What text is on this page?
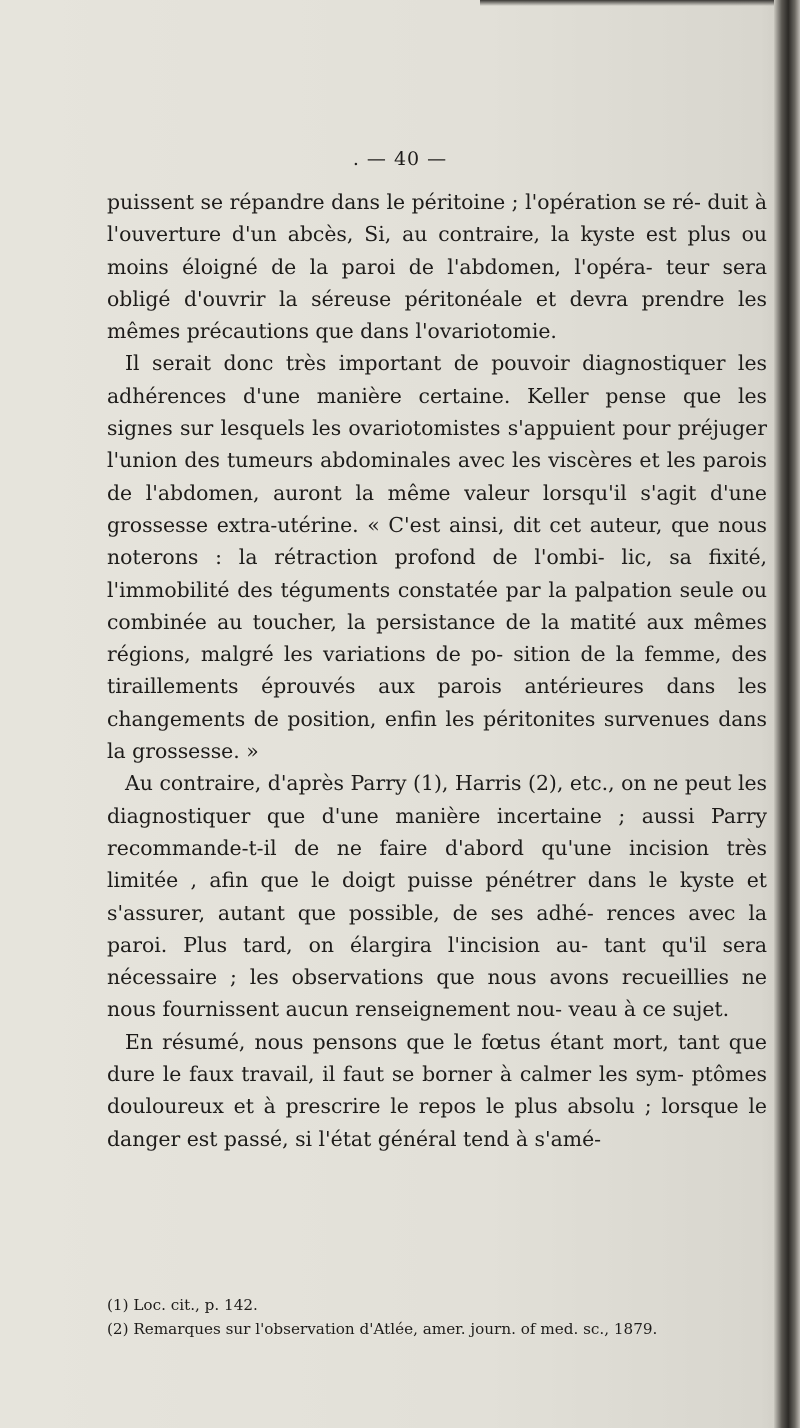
. — 40 —

puissent se répandre dans le péritoine ; l'opération se ré- duit à l'ouverture d'un abcès, Si, au contraire, la kyste est plus ou moins éloigné de la paroi de l'abdomen, l'opéra- teur sera obligé d'ouvrir la séreuse péritonéale et devra prendre les mêmes précautions que dans l'ovariotomie.

Il serait donc très important de pouvoir diagnostiquer les adhérences d'une manière certaine. Keller pense que les signes sur lesquels les ovariotomistes s'appuient pour préjuger l'union des tumeurs abdominales avec les viscères et les parois de l'abdomen, auront la même valeur lorsqu'il s'agit d'une grossesse extra-utérine. « C'est ainsi, dit cet auteur, que nous noterons : la rétraction profond de l'ombi- lic, sa fixité, l'immobilité des téguments constatée par la palpation seule ou combinée au toucher, la persistance de la matité aux mêmes régions, malgré les variations de po- sition de la femme, des tiraillements éprouvés aux parois antérieures dans les changements de position, enfin les péritonites survenues dans la grossesse. »

Au contraire, d'après Parry (1), Harris (2), etc., on ne peut les diagnostiquer que d'une manière incertaine ; aussi Parry recommande-t-il de ne faire d'abord qu'une incision très limitée , afin que le doigt puisse pénétrer dans le kyste et s'assurer, autant que possible, de ses adhé- rences avec la paroi. Plus tard, on élargira l'incision au- tant qu'il sera nécessaire ; les observations que nous avons recueillies ne nous fournissent aucun renseignement nou- veau à ce sujet.

En résumé, nous pensons que le fœtus étant mort, tant que dure le faux travail, il faut se borner à calmer les sym- ptômes douloureux et à prescrire le repos le plus absolu ; lorsque le danger est passé, si l'état général tend à s'amé-

(1) Loc. cit., p. 142.

(2) Remarques sur l'observation d'Atlée, amer. journ. of med. sc., 1879.
